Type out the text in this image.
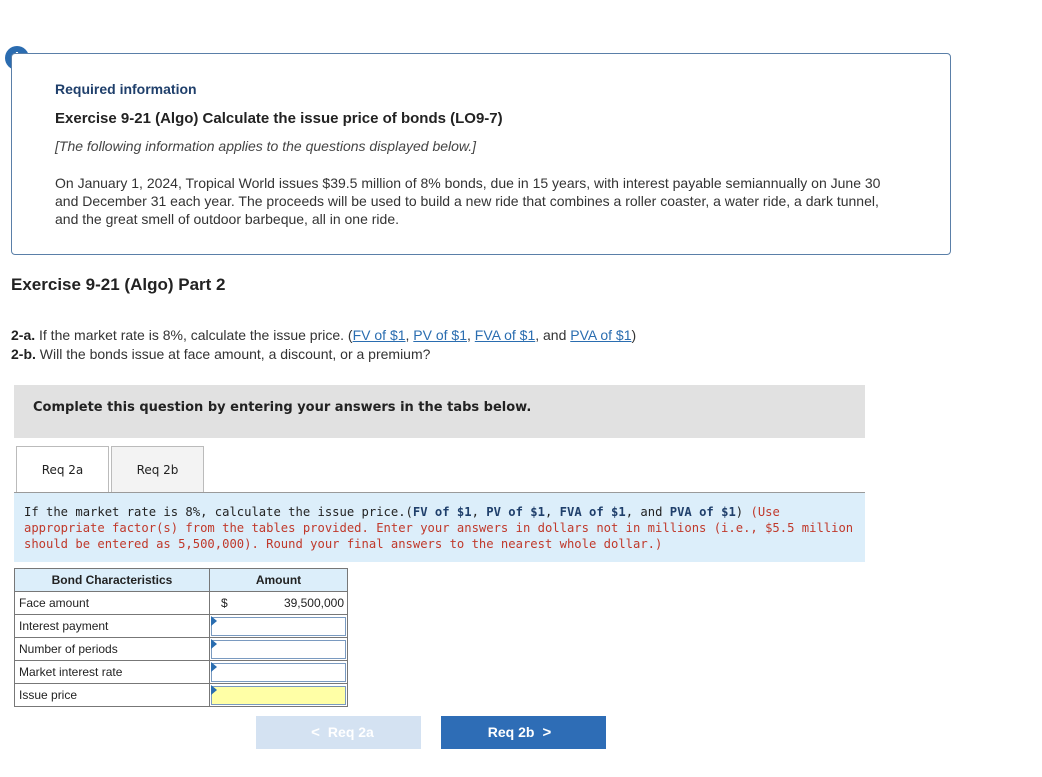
Required information
Exercise 9-21 (Algo) Calculate the issue price of bonds (LO9-7)
[The following information applies to the questions displayed below.]
On January 1, 2024, Tropical World issues $39.5 million of 8% bonds, due in 15 years, with interest payable semiannually on June 30 and December 31 each year. The proceeds will be used to build a new ride that combines a roller coaster, a water ride, a dark tunnel, and the great smell of outdoor barbeque, all in one ride.
Exercise 9-21 (Algo) Part 2
2-a. If the market rate is 8%, calculate the issue price. (FV of $1, PV of $1, FVA of $1, and PVA of $1)
2-b. Will the bonds issue at face amount, a discount, or a premium?
Complete this question by entering your answers in the tabs below.
Req 2a	Req 2b
If the market rate is 8%, calculate the issue price.(FV of $1, PV of $1, FVA of $1, and PVA of $1) (Use appropriate factor(s) from the tables provided. Enter your answers in dollars not in millions (i.e., $5.5 million should be entered as 5,500,000). Round your final answers to the nearest whole dollar.)
Bond Characteristics	Amount
Face amount	$ 39,500,000

Interest payment	

Number of periods	

Market interest rate	

Issue price	
< Req 2a	Req 2b >
